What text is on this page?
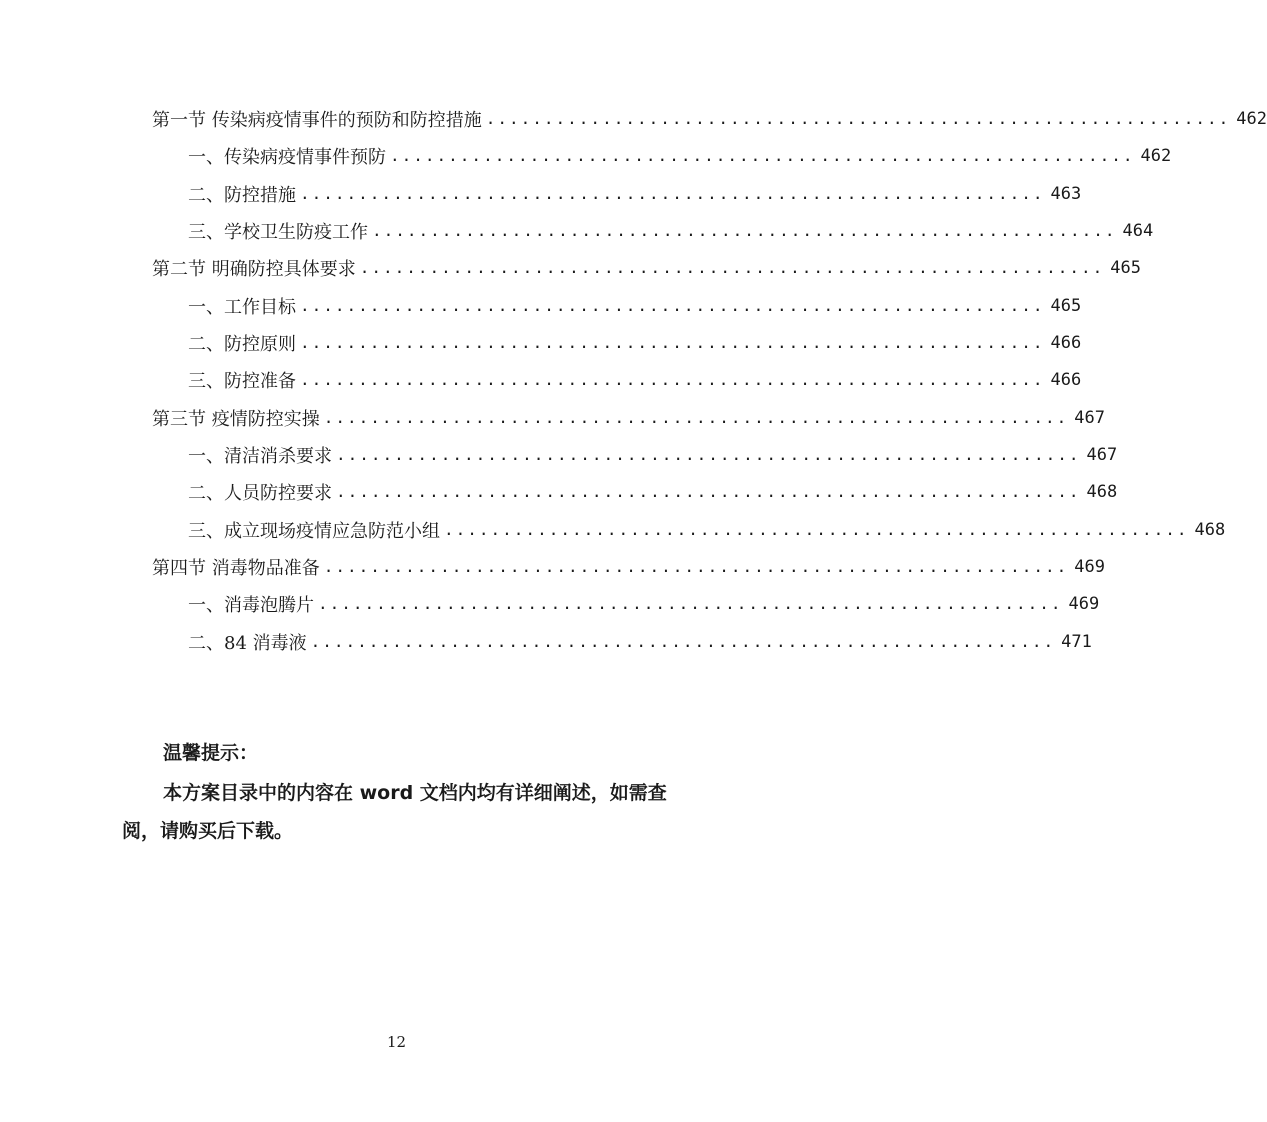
第一节 传染病疫情事件的预防和防控措施 ................................................................ 462
一、传染病疫情事件预防 ................................................................ 462
二、防控措施 ................................................................ 463
三、学校卫生防疫工作 ................................................................ 464
第二节 明确防控具体要求 ................................................................ 465
一、工作目标 ................................................................ 465
二、防控原则 ................................................................ 466
三、防控准备 ................................................................ 466
第三节 疫情防控实操 ................................................................ 467
一、清洁消杀要求 ................................................................ 467
二、人员防控要求 ................................................................ 468
三、成立现场疫情应急防范小组 ................................................................ 468
第四节 消毒物品准备 ................................................................ 469
一、消毒泡腾片 ................................................................ 469
二、84 消毒液 ................................................................ 471
温馨提示：
本方案目录中的内容在 word 文档内均有详细阐述，如需查阅，请购买后下载。
12
